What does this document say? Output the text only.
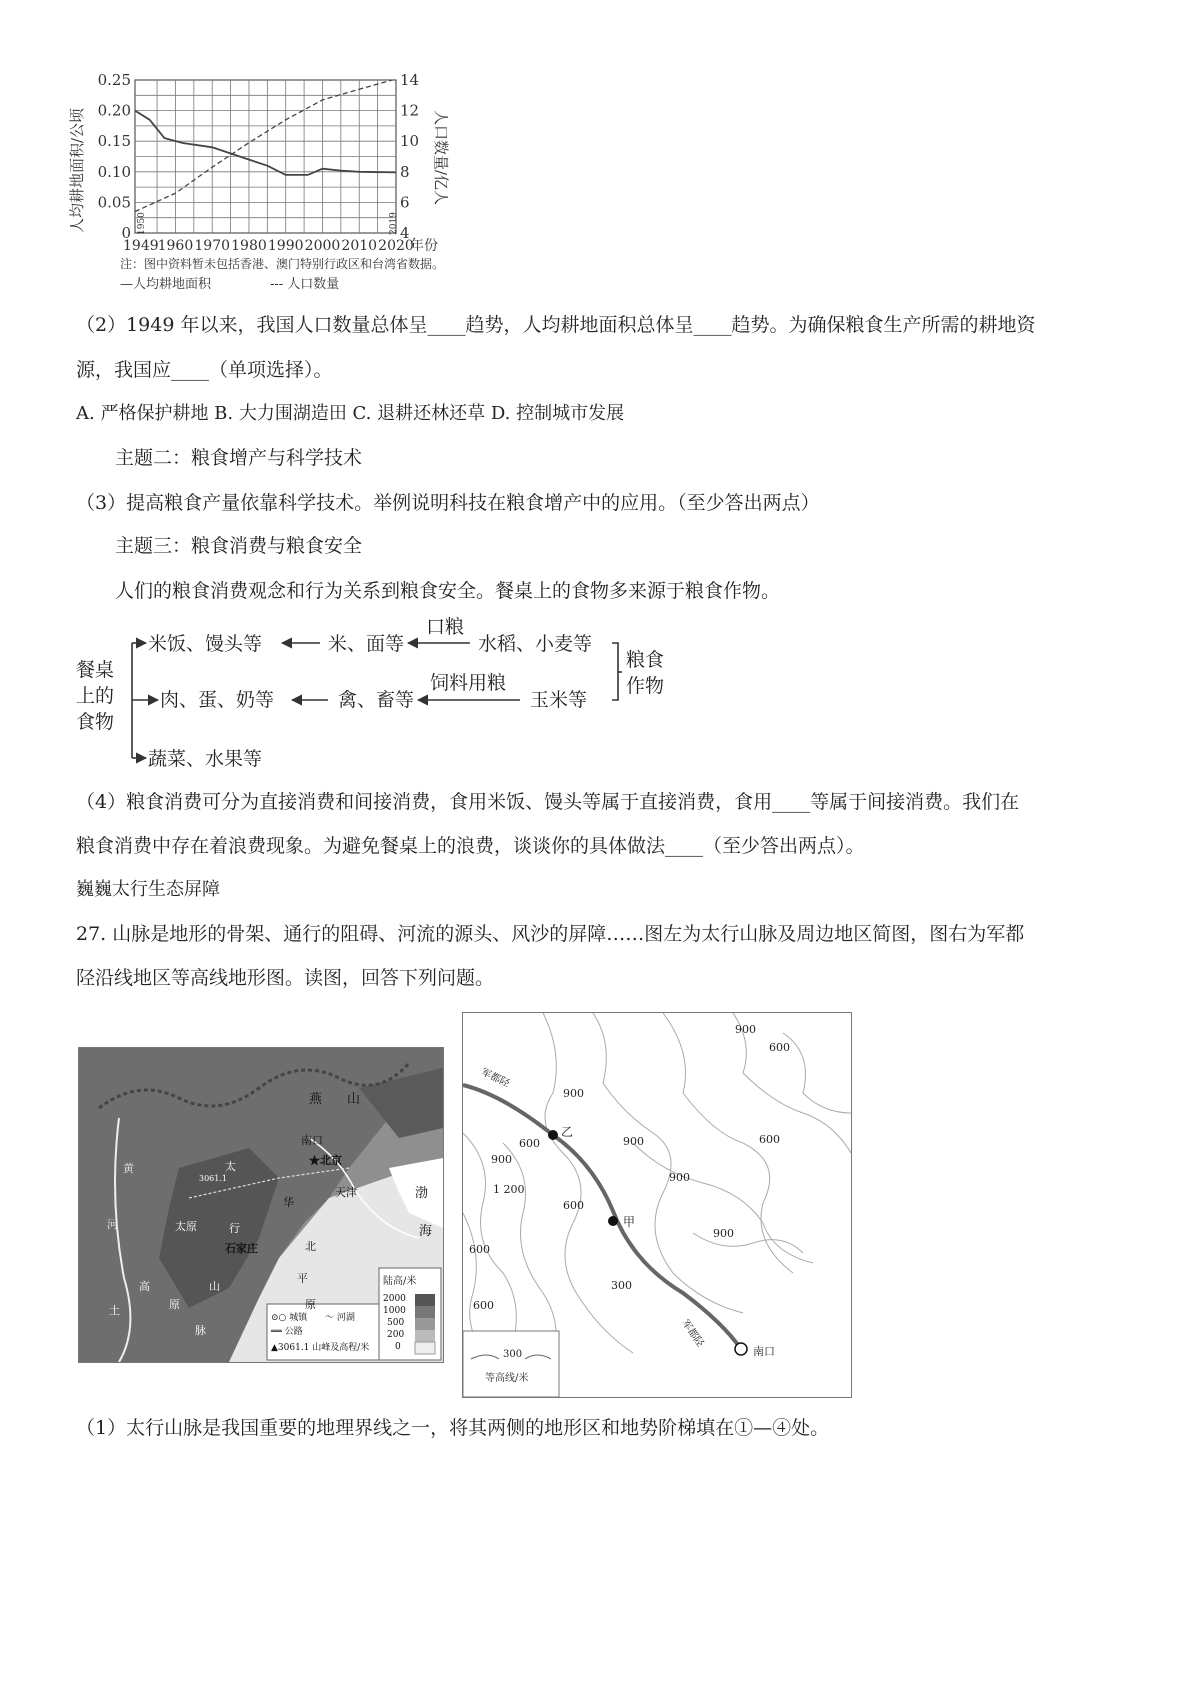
0
0.05
0.10
0.15
0.20
0.25
4
6
8
10
12
14
1949
1960 1970 1980 1990 2000 2010 2020
年份
人均耕地面积/公顷	人口数量/亿人
1950	2019
注：图中资料暂未包括香港、澳门特别行政区和台湾省数据。
—人均耕地面积	--- 人口数量
（2）1949 年以来，我国人口数量总体呈____趋势，人均耕地面积总体呈____趋势。为确保粮食生产所需的耕地资
源，我国应____（单项选择）。
A. 严格保护耕地 B. 大力围湖造田 C. 退耕还林还草 D. 控制城市发展
主题二：粮食增产与科学技术
（3）提高粮食产量依靠科学技术。举例说明科技在粮食增产中的应用。（至少答出两点）
主题三：粮食消费与粮食安全
人们的粮食消费观念和行为关系到粮食安全。餐桌上的食物多来源于粮食作物。
餐桌
上的
食物
米饭、馒头等	米、面等
口粮
水稻、小麦等
粮食
作物
肉、蛋、奶等	禽、畜等
饲料用粮
玉米等
蔬菜、水果等
（4）粮食消费可分为直接消费和间接消费，食用米饭、馒头等属于直接消费，食用____等属于间接消费。我们在
粮食消费中存在着浪费现象。为避免餐桌上的浪费，谈谈你的具体做法____（至少答出两点）。
巍巍太行生态屏障
27. 山脉是地形的骨架、通行的阻碍、河流的源头、风沙的屏障……图左为太行山脉及周边地区简图，图右为军都
陉沿线地区等高线地形图。读图，回答下列问题。
燕 山
南口
★北京
天津	渤
海
黄
河
太
行
太原
石家庄
华
北
平
原
3061.1
高
土	原
山
脉
陆高/米
2000
1000
500
200
0
⊙○ 城镇 〜 河湖
══ 公路
▲3061.1 山峰及高程/米
军都陉
军都陉
乙
甲
南口
900
600
900
900
600
900
900
1 200
600
600
900
300
600
600
300
等高线/米
（1）太行山脉是我国重要的地理界线之一，将其两侧的地形区和地势阶梯填在①—④处。
